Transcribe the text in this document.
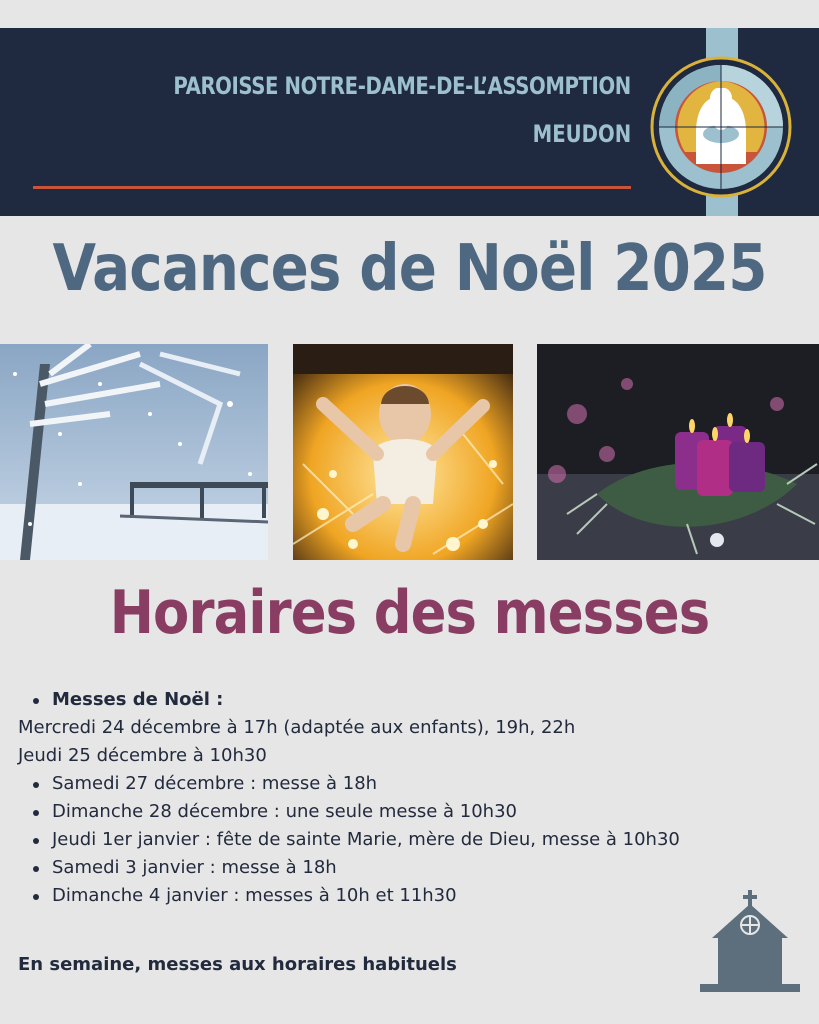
PAROISSE NOTRE-DAME-DE-L’ASSOMPTION

MEUDON

Vacances de Noël 2025
Horaires des messes
Messes de Noël :
Mercredi 24 décembre à 17h (adaptée aux enfants), 19h, 22h
Jeudi 25 décembre à 10h30
Samedi 27 décembre : messe à 18h
Dimanche 28 décembre : une seule messe à 10h30
Jeudi 1er janvier : fête de sainte Marie, mère de Dieu, messe à 10h30
Samedi 3 janvier : messe à 18h
Dimanche 4 janvier : messes à 10h et 11h30

En semaine, messes aux horaires habituels
